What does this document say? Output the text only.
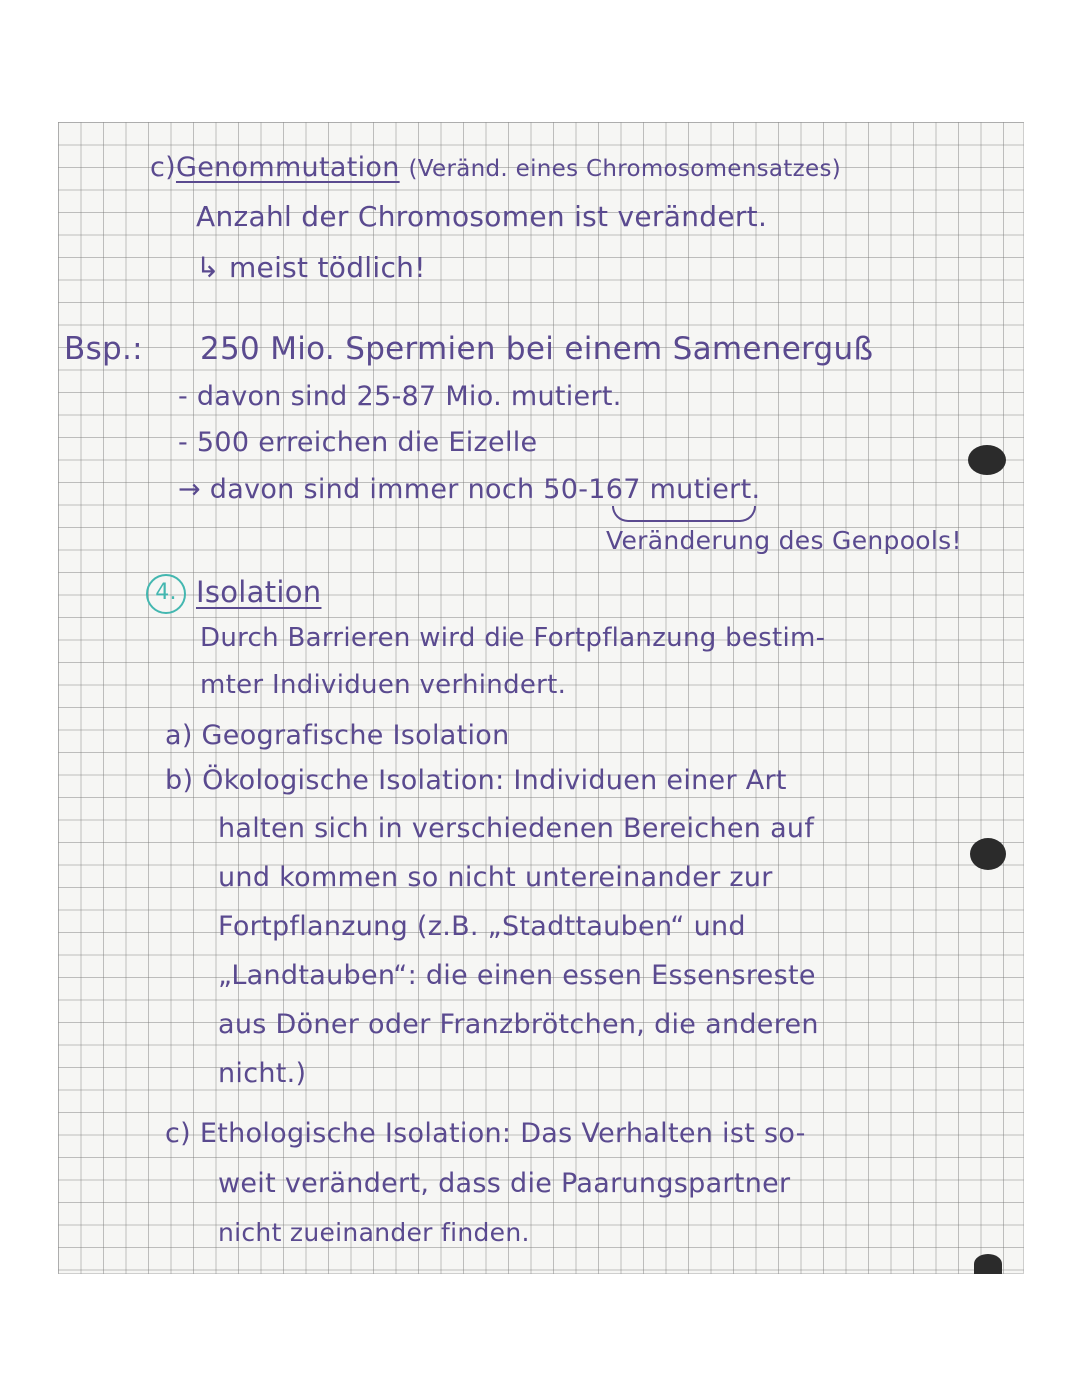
c)Genommutation (Veränd. eines Chromosomensatzes)
Anzahl der Chromosomen ist verändert.
↳ meist tödlich!
Bsp.: 250 Mio. Spermien bei einem Samenerguß
- davon sind 25-87 Mio. mutiert.
- 500 erreichen die Eizelle
→ davon sind immer noch 50-167 mutiert.
Veränderung des Genpools!
4. Isolation
Durch Barrieren wird die Fortpflanzung bestim-
mter Individuen verhindert.
a) Geografische Isolation
b) Ökologische Isolation: Individuen einer Art
halten sich in verschiedenen Bereichen auf
und kommen so nicht untereinander zur
Fortpflanzung (z.B. „Stadttauben“ und
„Landtauben“: die einen essen Essensreste
aus Döner oder Franzbrötchen, die anderen
nicht.)
c) Ethologische Isolation: Das Verhalten ist so-
weit verändert, dass die Paarungspartner
nicht zueinander finden.
